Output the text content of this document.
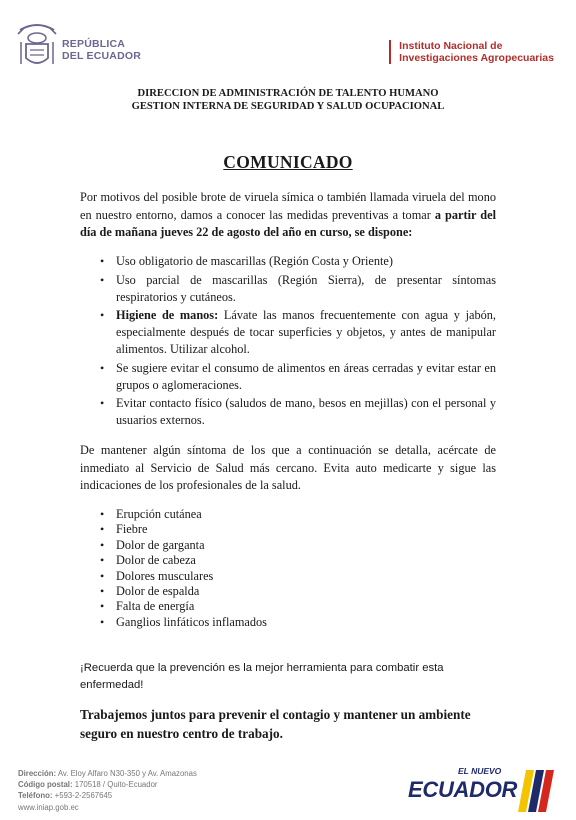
REPÚBLICA
DEL ECUADOR
Instituto Nacional de
Investigaciones Agropecuarias
DIRECCION DE ADMINISTRACIÓN DE TALENTO HUMANO
GESTION INTERNA DE SEGURIDAD Y SALUD OCUPACIONAL
COMUNICADO
Por motivos del posible brote de viruela símica o también llamada viruela del mono en nuestro entorno, damos a conocer las medidas preventivas a tomar a partir del día de mañana jueves 22 de agosto del año en curso, se dispone:
• Uso obligatorio de mascarillas (Región Costa y Oriente)
• Uso parcial de mascarillas (Región Sierra), de presentar síntomas respiratorios y cutáneos.
• Higiene de manos: Lávate las manos frecuentemente con agua y jabón, especialmente después de tocar superficies y objetos, y antes de manipular alimentos. Utilizar alcohol.
• Se sugiere evitar el consumo de alimentos en áreas cerradas y evitar estar en grupos o aglomeraciones.
• Evitar contacto físico (saludos de mano, besos en mejillas) con el personal y usuarios externos.
De mantener algún síntoma de los que a continuación se detalla, acércate de inmediato al Servicio de Salud más cercano. Evita auto medicarte y sigue las indicaciones de los profesionales de la salud.
• Erupción cutánea
• Fiebre
• Dolor de garganta
• Dolor de cabeza
• Dolores musculares
• Dolor de espalda
• Falta de energía
• Ganglios linfáticos inflamados
¡Recuerda que la prevención es la mejor herramienta para combatir esta enfermedad!
Trabajemos juntos para prevenir el contagio y mantener un ambiente seguro en nuestro centro de trabajo.
Dirección: Av. Eloy Alfaro N30-350 y Av. Amazonas
Código postal: 170518 / Quito-Ecuador
Teléfono: +593-2-2567645
www.iniap.gob.ec
EL NUEVO
ECUADOR
